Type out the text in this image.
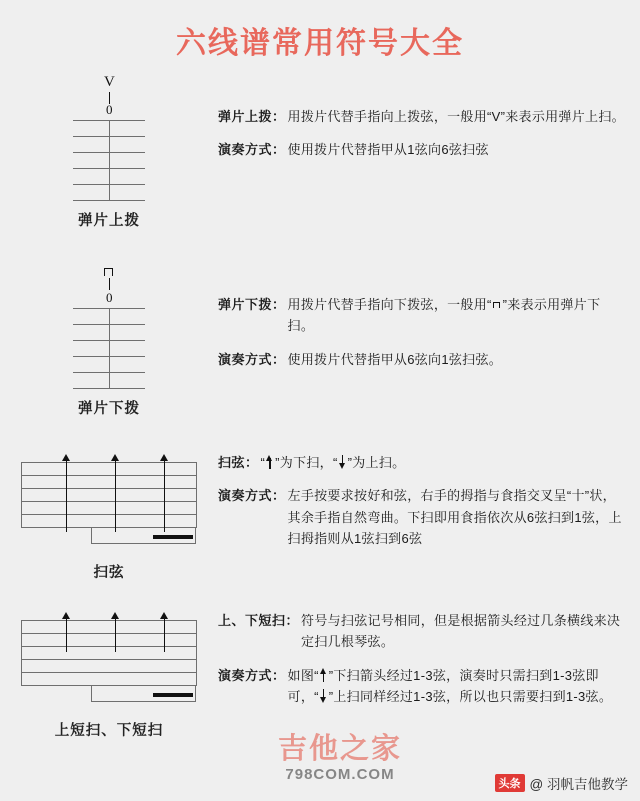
六线谱常用符号大全
V
0
弹片上拨
弹片上拨： 用拨片代替手指向上拨弦，一般用“V”来表示用弹片上扫。
演奏方式： 使用拨片代替指甲从1弦向6弦扫弦
0
弹片下拨
弹片下拨： 用拨片代替手指向下拨弦，一般用“ ”来表示用弹片下扫。
演奏方式： 使用拨片代替指甲从6弦向1弦扫弦。
扫弦
扫弦： “ ”为下扫，“ ”为上扫。
演奏方式： 左手按要求按好和弦，右手的拇指与食指交叉呈“十”状，其余手指自然弯曲。下扫即用食指依次从6弦扫到1弦，上扫拇指则从1弦扫到6弦
上短扫、下短扫
上、下短扫： 符号与扫弦记号相同，但是根据箭头经过几条横线来决定扫几根琴弦。
演奏方式： 如图“ ”下扫箭头经过1-3弦，演奏时只需扫到1-3弦即可，“ ”上扫同样经过1-3弦，所以也只需要扫到1-3弦。
吉他之家
798COM.COM
头条 @ 羽帆吉他教学
